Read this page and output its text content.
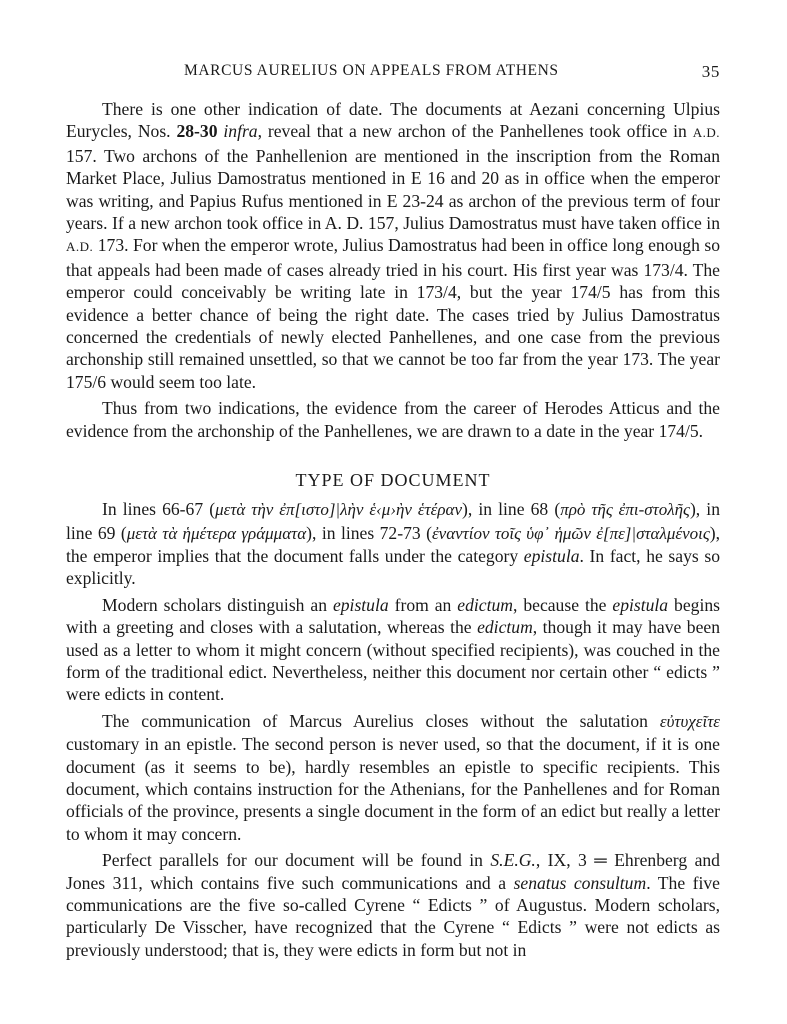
MARCUS AURELIUS ON APPEALS FROM ATHENS	35

There is one other indication of date. The documents at Aezani concerning Ulpius Eurycles, Nos. 28-30 infra, reveal that a new archon of the Panhellenes took office in A.D. 157. Two archons of the Panhellenion are mentioned in the inscription from the Roman Market Place, Julius Damostratus mentioned in E 16 and 20 as in office when the emperor was writing, and Papius Rufus mentioned in E 23-24 as archon of the previous term of four years. If a new archon took office in A. D. 157, Julius Damostratus must have taken office in A.D. 173. For when the emperor wrote, Julius Damostratus had been in office long enough so that appeals had been made of cases already tried in his court. His first year was 173/4. The emperor could conceivably be writing late in 173/4, but the year 174/5 has from this evidence a better chance of being the right date. The cases tried by Julius Damostratus concerned the credentials of newly elected Panhellenes, and one case from the previous archonship still remained unsettled, so that we cannot be too far from the year 173. The year 175/6 would seem too late.

Thus from two indications, the evidence from the career of Herodes Atticus and the evidence from the archonship of the Panhellenes, we are drawn to a date in the year 174/5.

TYPE OF DOCUMENT

In lines 66-67 (μετὰ τὴν ἐπ[ιστο]|λὴν ἑ‹μ›ὴν ἑτέραν), in line 68 (πρὸ τῆς ἐπι-στολῆς), in line 69 (μετὰ τὰ ἡμέτερα γράμματα), in lines 72-73 (ἐναντίον τοῖς ὑφ᾿ ἡμῶν ἐ[πε]|σταλμένοις), the emperor implies that the document falls under the category epistula. In fact, he says so explicitly.

Modern scholars distinguish an epistula from an edictum, because the epistula begins with a greeting and closes with a salutation, whereas the edictum, though it may have been used as a letter to whom it might concern (without specified recipients), was couched in the form of the traditional edict. Nevertheless, neither this document nor certain other “ edicts ” were edicts in content.

The communication of Marcus Aurelius closes without the salutation εὐτυχεῖτε customary in an epistle. The second person is never used, so that the document, if it is one document (as it seems to be), hardly resembles an epistle to specific recipients. This document, which contains instruction for the Athenians, for the Panhellenes and for Roman officials of the province, presents a single document in the form of an edict but really a letter to whom it may concern.

Perfect parallels for our document will be found in S.E.G., IX, 3 ═ Ehrenberg and Jones 311, which contains five such communications and a senatus consultum. The five communications are the five so-called Cyrene “ Edicts ” of Augustus. Modern scholars, particularly De Visscher, have recognized that the Cyrene “ Edicts ” were not edicts as previously understood; that is, they were edicts in form but not in
